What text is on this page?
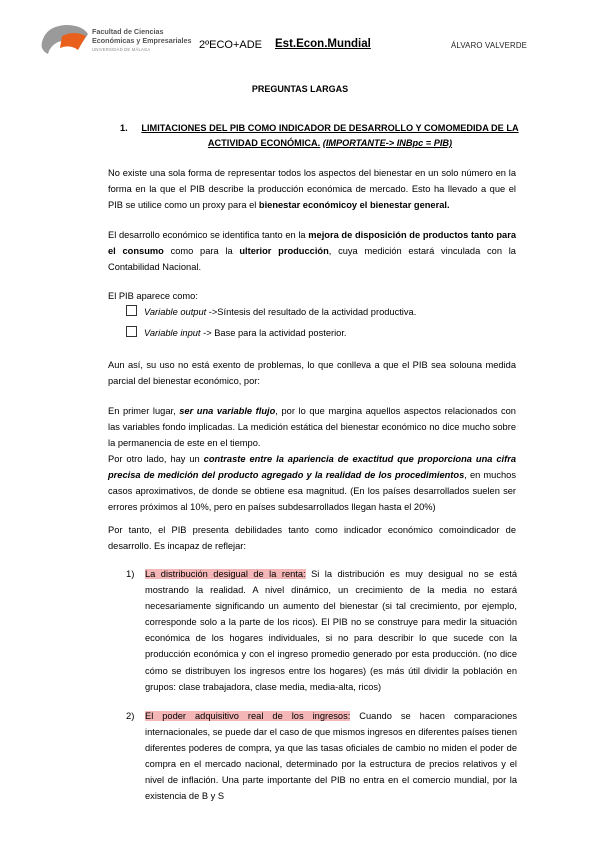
Facultad de Ciencias
Económicas y Empresariales
UNIVERSIDAD DE MÁLAGA	2ºECO+ADE Est.Econ.Mundial	ÁLVARO VALVERDE
PREGUNTAS LARGAS
1. LIMITACIONES DEL PIB COMO INDICADOR DE DESARROLLO Y COMOMEDIDA DE LA ACTIVIDAD ECONÓMICA. (IMPORTANTE-> INBpc = PIB)
No existe una sola forma de representar todos los aspectos del bienestar en un solo número en la forma en la que el PIB describe la producción económica de mercado. Esto ha llevado a que el PIB se utilice como un proxy para el bienestar económicoy el bienestar general.
El desarrollo económico se identifica tanto en la mejora de disposición de productos tanto para el consumo como para la ulterior producción, cuya medición estará vinculada con la Contabilidad Nacional.
El PIB aparece como:
Variable output ->Síntesis del resultado de la actividad productiva.
Variable input -> Base para la actividad posterior.
Aun así, su uso no está exento de problemas, lo que conlleva a que el PIB sea solouna medida parcial del bienestar económico, por:
En primer lugar, ser una variable flujo, por lo que margina aquellos aspectos relacionados con las variables fondo implicadas. La medición estática del bienestar económico no dice mucho sobre la permanencia de este en el tiempo.
Por otro lado, hay un contraste entre la apariencia de exactitud que proporciona una cifra precisa de medición del producto agregado y la realidad de los procedimientos, en muchos casos aproximativos, de donde se obtiene esa magnitud. (En los países desarrollados suelen ser errores próximos al 10%, pero en países subdesarrollados llegan hasta el 20%)
Por tanto, el PIB presenta debilidades tanto como indicador económico comoindicador de desarrollo. Es incapaz de reflejar:
1) La distribución desigual de la renta: Si la distribución es muy desigual no se está mostrando la realidad. A nivel dinámico, un crecimiento de la media no estará necesariamente significando un aumento del bienestar (si tal crecimiento, por ejemplo, corresponde solo a la parte de los ricos). El PIB no se construye para medir la situación económica de los hogares individuales, si no para describir lo que sucede con la producción económica y con el ingreso promedio generado por esta producción. (no dice cómo se distribuyen los ingresos entre los hogares) (es más útil dividir la población en grupos: clase trabajadora, clase media, media-alta, ricos)
2) El poder adquisitivo real de los ingresos: Cuando se hacen comparaciones internacionales, se puede dar el caso de que mismos ingresos en diferentes países tienen diferentes poderes de compra, ya que las tasas oficiales de cambio no miden el poder de compra en el mercado nacional, determinado por la estructura de precios relativos y el nivel de inflación. Una parte importante del PIB no entra en el comercio mundial, por la existencia de B y S
